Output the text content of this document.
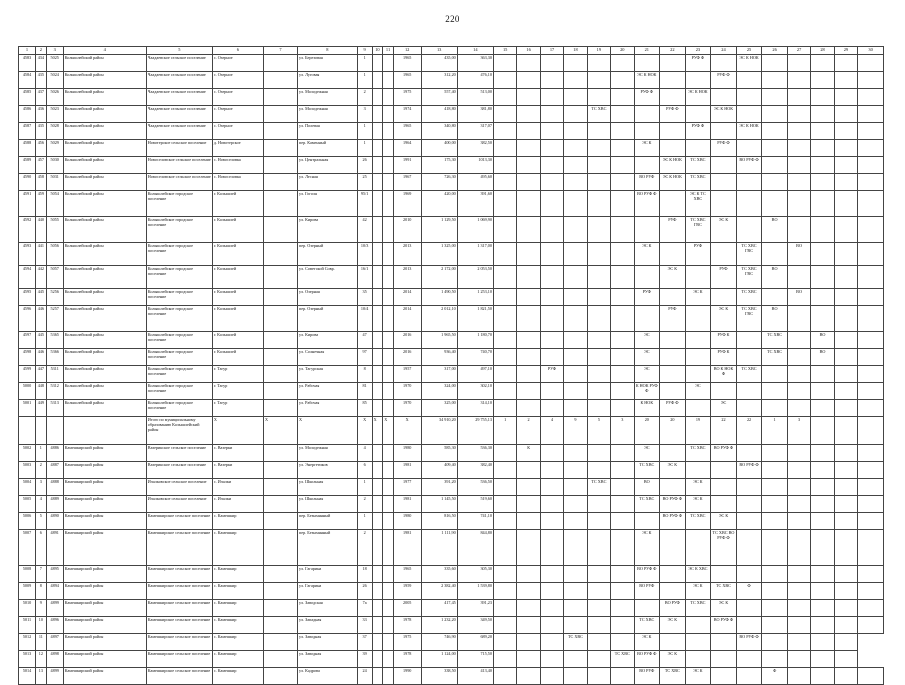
220
1	2	3	4	5	6	7	8	9	10	11	12	13	14	15	16	17	18	19	20	21	22	23	24	25	26	27	28	29	30
4583	434	5025	Колышлейский район	Чаадаевское сельское поселение	с. Озерное		ул. Березовая	1			1965	435,00	363,30									РУФ Ф		ЭС К НОК					
4584	435	5024	Колышлейский район	Чаадаевское сельское поселение	с. Озерное		ул. Луговая	1			1965	312,20	476,10							ЭС К НОК			РУФ Ф						
4585	437	5026	Колышлейский район	Чаадаевское сельское поселение	с. Озерное		ул. Молодежная	2			1975	557,40	513,00							РУФ Ф		ЭС К НОК							
4586	436	5023	Колышлейский район	Чаадаевское сельское поселение	с. Озерное		ул. Молодежная	3			1974	418,80	381,80					ТС ХВС			РУФ Ф		ЭС К НОК						
4587	435	5028	Колышлейский район	Чаадаевское сельское поселение	с. Озерное		ул. Полевая	1			1965	340,80	317,07									РУФ Ф		ЭС К НОК					
4588	456	5029	Колышлейский район	Новотерское сельское поселение	д. Новотерское		пер. Каменный	1			1964	400,00	382,50							ЭС К			РУФ Ф						
4589	457	5030	Колышлейский район	Новоселовское сельское поселение	с. Новоселовка		ул. Центральная	26			1991	175,30	1013,30								ЭС К НОК	ТС ХВС		ВО РУФ Ф					
4590	458	5031	Колышлейский район	Новоселовское сельское поселение	с. Новоселовка		ул. Лесная	25			1967	726,30	495,60							ВО РУФ	ЭС К НОК	ТС ХВС							
4591	459	5054	Колышлейский район	Колышлейское городское поселение	г. Колышлей		ул. Гоголя	95/1			1969	420,00	391,60							ВО РУФ Ф		ЭС К ТС ХВС							
4592	440	5055	Колышлейский район	Колышлейское городское поселение	г. Колышлей		ул. Кирова	42			2010	1 129,50	1 069,90								РУФ	ТС ХВС ГВС	ЭС К		ВО				
4593	441	5056	Колышлейский район	Колышлейское городское поселение	г. Колышлей		пер. Озерный	10/3			2013	1 325,00	1 317,00							ЭС К		РУФ		ТС ХВС ГВС		ВО			
4594	442	5057	Колышлейский район	Колышлейское городское поселение	г. Колышлей		ул. Советской Совр.	16/1			2013	2 172,00	2 053,50								ЭС К		РУФ	ТС ХВС ГВС	ВО				
4595	445	5256	Колышлейский район	Колышлейское городское поселение	г. Колышлей		ул. Озерная	35			2014	1 490,50	1 253,10							РУФ		ЭС К		ТС ХВС		ВО			
4596	446	5257	Колышлейский район	Колышлейское городское поселение	г. Колышлей		пер. Озерный	10/4			2014	2 012,10	1 821,50								РУФ		ЭС К	ТС ХВС ГВС	ВО				
4597	445	5365	Колышлейский район	Колышлейское городское поселение	г. Колышлей		ул. Кирова	47			2016	1 965,50	1 180,70							ЭС			РУФ К		ТС ХВС		ВО		
4598	446	5366	Колышлейский район	Колышлейское городское поселение	г. Колышлей		ул. Солнечная	97			2016	936,40	740,70							ЭС			РУФ К		ТС ХВС		ВО		
4599	447	5311	Колышлейский район	Колышлейское городское поселение	г. Тагур		ул. Тагурская	8			1957	317,00	497,10			РУФ				ЭС			ВО К НОК Ф	ТС ХВС					
5000	448	5312	Колышлейский район	Колышлейское городское поселение	г. Тагур		ул. Рабочая	81			1970	324,00	302,10							К НОК РУФ Ф		ЭС							
5001	449	5313	Колышлейский район	Колышлейское городское поселение	г. Тагур		ул. Рабочая	85			1970	325,00	314,10							К НОК	РУФ Ф		ЭС						
				Итого по муниципальному образованию Колышлейский район	X	X	X	X	X	X	X	34 910,20	29 755,13	1	2	4	9	5	3	20	20	19	22	22	1	3			
5002	1	4886	Камешкирский район	Вазерикское сельское поселение	с. Вазерки		ул. Молодежная	4			1980	585,30	536,30		К					ЭС		ТС ХВС	ВО РУФ Ф						
5003	2	4887	Камешкирский район	Вазерикское сельское поселение	с. Вазерки		ул. Энергетиков	6			1981	409,40	382,40							ТС ХВС	ЭС К			ВО РУФ Ф					
5004	3	4888	Камешкирский район	Ичалковское сельское поселение	с. Ичалки		ул. Школьная	1			1977	391,20	536,50					ТС ХВС		ВО		ЭС К							
5005	4	4889	Камешкирский район	Ичалковское сельское поселение	с. Ичалки		ул. Школьная	2			1981	1 145,50	519,60							ТС ХВС	ВО РУФ Ф	ЭС К							
5006	5	4890	Камешкирский район	Камешкирское сельское поселение	с. Камешкир		пер. Безымянный	1			1980	816,50	741,10								ВО РУФ Ф	ТС ХВС	ЭС К						
5007	6	4891	Камешкирский район	Камешкирское сельское поселение	с. Камешкир		пер. Безымянный	2			1981	1 111,90	844,80							ЭС К			ТС ХВС ВО РУФ Ф						
5008	7	4895	Камешкирский район	Камешкирское сельское поселение	с. Камешкир		ул. Гагарина	18			1965	335,60	305,30							ВО РУФ Ф		ЭС К ХВС							
5009	8	4894	Камешкирский район	Камешкирское сельское поселение	с. Камешкир		ул. Гагарина	26			1959	2 382,40	1 539,80							ВО РУФ		ЭС К	ТС ХВС	Ф					
5010	9	4899	Камешкирский район	Камешкирское сельское поселение	с. Камешкир		ул. Заводская	7а			2005	417,45	391,23								ВО РУФ	ТС ХВС	ЭС К						
5011	10	4896	Камешкирский район	Камешкирское сельское поселение	с. Камешкир		ул. Западная	33			1978	1 232,20	349,50							ТС ХВС	ЭС К		ВО РУФ Ф						
5012	11	4897	Камешкирский район	Камешкирское сельское поселение	с. Камешкир		ул. Заводная	37			1975	746,90	689,20				ТС ХВС			ЭС К				ВО РУФ Ф					
5013	12	4898	Камешкирский район	Камешкирское сельское поселение	с. Камешкир		ул. Заводная	39			1978	1 124,00	715,50						ТС ХВС	ВО РУФ Ф	ЭС К								
5014	13	4899	Камешкирский район	Камешкирское сельское поселение	с. Камешкир		ул. Кадрова	24			1990	338,50	413,40							ВО РУФ	ТС ХВС	ЭС К			Ф				
